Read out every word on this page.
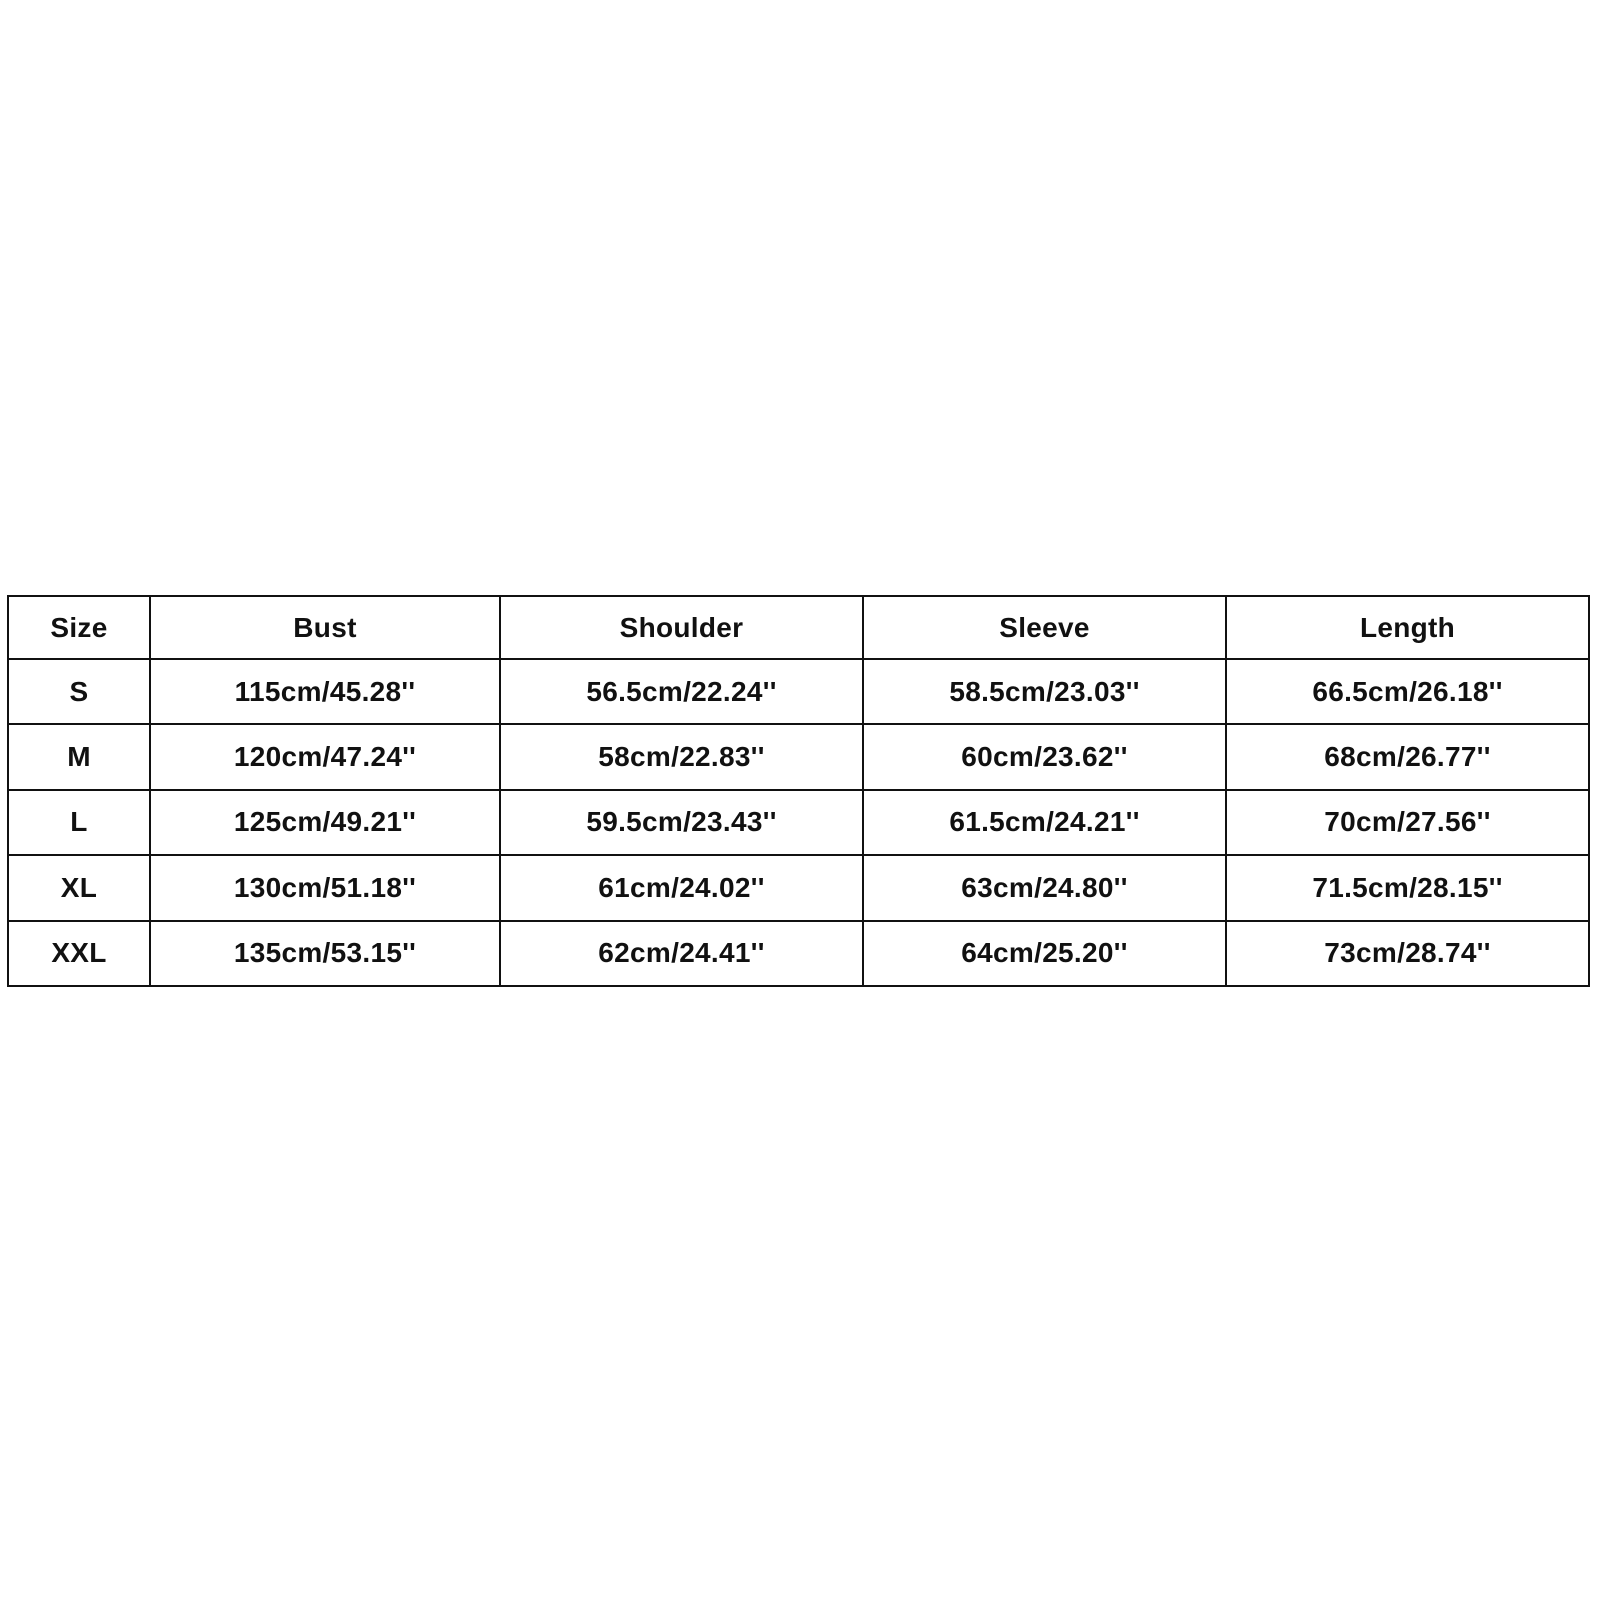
Size	Bust	Shoulder	Sleeve	Length
S	115cm/45.28''	56.5cm/22.24''	58.5cm/23.03''	66.5cm/26.18''
M	120cm/47.24''	58cm/22.83''	60cm/23.62''	68cm/26.77''
L	125cm/49.21''	59.5cm/23.43''	61.5cm/24.21''	70cm/27.56''
XL	130cm/51.18''	61cm/24.02''	63cm/24.80''	71.5cm/28.15''
XXL	135cm/53.15''	62cm/24.41''	64cm/25.20''	73cm/28.74''
